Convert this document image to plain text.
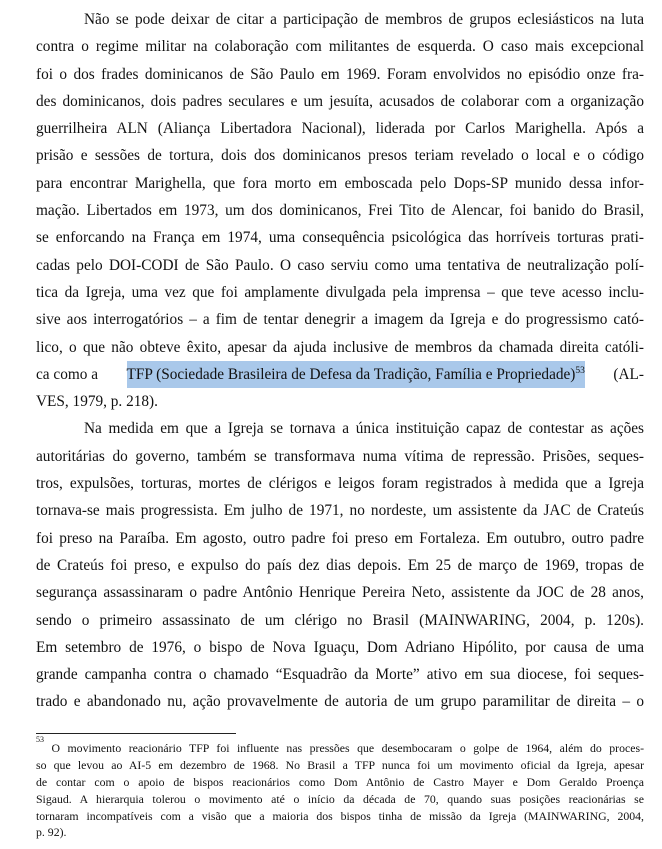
Não se pode deixar de citar a participação de membros de grupos eclesiásticos na luta
contra o regime militar na colaboração com militantes de esquerda. O caso mais excepcional
foi o dos frades dominicanos de São Paulo em 1969. Foram envolvidos no episódio onze fra-
des dominicanos, dois padres seculares e um jesuíta, acusados de colaborar com a organização
guerrilheira ALN (Aliança Libertadora Nacional), liderada por Carlos Marighella. Após a
prisão e sessões de tortura, dois dos dominicanos presos teriam revelado o local e o código
para encontrar Marighella, que fora morto em emboscada pelo Dops-SP munido dessa infor-
mação. Libertados em 1973, um dos dominicanos, Frei Tito de Alencar, foi banido do Brasil,
se enforcando na França em 1974, uma consequência psicológica das horríveis torturas prati-
cadas pelo DOI-CODI de São Paulo. O caso serviu como uma tentativa de neutralização polí-
tica da Igreja, uma vez que foi amplamente divulgada pela imprensa – que teve acesso inclu-
sive aos interrogatórios – a fim de tentar denegrir a imagem da Igreja e do progressismo cató-
lico, o que não obteve êxito, apesar da ajuda inclusive de membros da chamada direita católi-
ca como a TFP (Sociedade Brasileira de Defesa da Tradição, Família e Propriedade)$^{53}$ (AL-
VES, 1979, p. 218).
Na medida em que a Igreja se tornava a única instituição capaz de contestar as ações
autoritárias do governo, também se transformava numa vítima de repressão. Prisões, seques-
tros, expulsões, torturas, mortes de clérigos e leigos foram registrados à medida que a Igreja
tornava-se mais progressista. Em julho de 1971, no nordeste, um assistente da JAC de Crateús
foi preso na Paraíba. Em agosto, outro padre foi preso em Fortaleza. Em outubro, outro padre
de Crateús foi preso, e expulso do país dez dias depois. Em 25 de março de 1969, tropas de
segurança assassinaram o padre Antônio Henrique Pereira Neto, assistente da JOC de 28 anos,
sendo o primeiro assassinato de um clérigo no Brasil (MAINWARING, 2004, p. 120s).
Em setembro de 1976, o bispo de Nova Iguaçu, Dom Adriano Hipólito, por causa de uma
grande campanha contra o chamado “Esquadrão da Morte” ativo em sua diocese, foi seques-
trado e abandonado nu, ação provavelmente de autoria de um grupo paramilitar de direita – o
53
O movimento reacionário TFP foi influente nas pressões que desembocaram o golpe de 1964, além do proces-
so que levou ao AI-5 em dezembro de 1968. No Brasil a TFP nunca foi um movimento oficial da Igreja, apesar
de contar com o apoio de bispos reacionários como Dom Antônio de Castro Mayer e Dom Geraldo Proença
Sigaud. A hierarquia tolerou o movimento até o início da década de 70, quando suas posições reacionárias se
tornaram incompatíveis com a visão que a maioria dos bispos tinha de missão da Igreja (MAINWARING, 2004,
p. 92).
